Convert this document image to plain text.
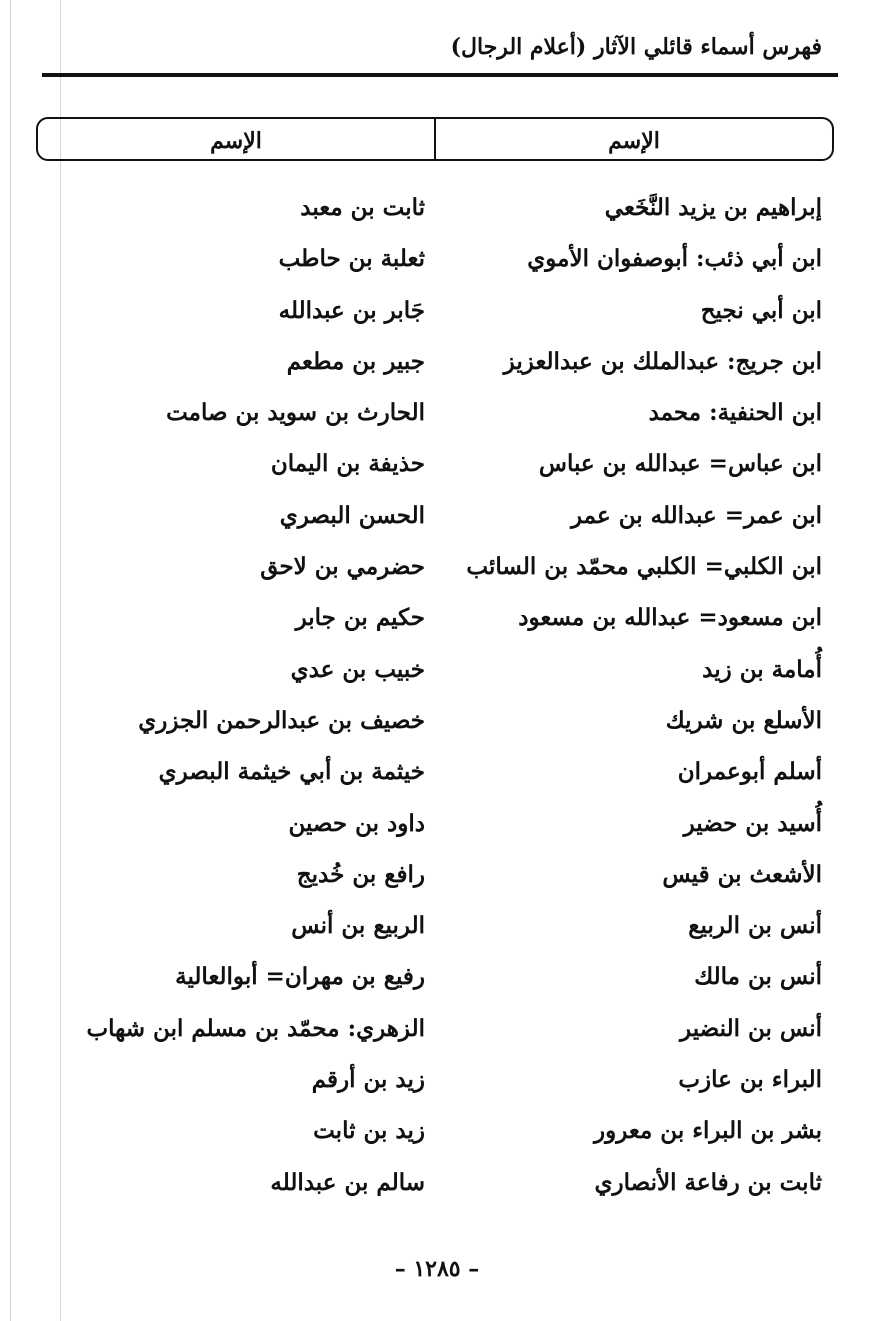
فهرس أسماء قائلي الآثار (أعلام الرجال)
الإسم
الإسم
إبراهيم بن يزيد النَّخَعي
ابن أبي ذئب: أبوصفوان الأموي
ابن أبي نجيح
ابن جريج: عبدالملك بن عبدالعزيز
ابن الحنفية: محمد
ابن عباس= عبدالله بن عباس
ابن عمر= عبدالله بن عمر
ابن الكلبي= الكلبي محمّد بن السائب
ابن مسعود= عبدالله بن مسعود
أُمامة بن زيد
الأسلع بن شريك
أسلم أبوعمران
أُسيد بن حضير
الأشعث بن قيس
أنس بن الربيع
أنس بن مالك
أنس بن النضير
البراء بن عازب
بشر بن البراء بن معرور
ثابت بن رفاعة الأنصاري
ثابت بن معبد
ثعلبة بن حاطب
جَابر بن عبدالله
جبير بن مطعم
الحارث بن سويد بن صامت
حذيفة بن اليمان
الحسن البصري
حضرمي بن لاحق
حكيم بن جابر
خبيب بن عدي
خصيف بن عبدالرحمن الجزري
خيثمة بن أبي خيثمة البصري
داود بن حصين
رافع بن خُديج
الربيع بن أنس
رفيع بن مهران= أبوالعالية
الزهري: محمّد بن مسلم ابن شهاب
زيد بن أرقم
زيد بن ثابت
سالم بن عبدالله
– ١٢٨٥ –
